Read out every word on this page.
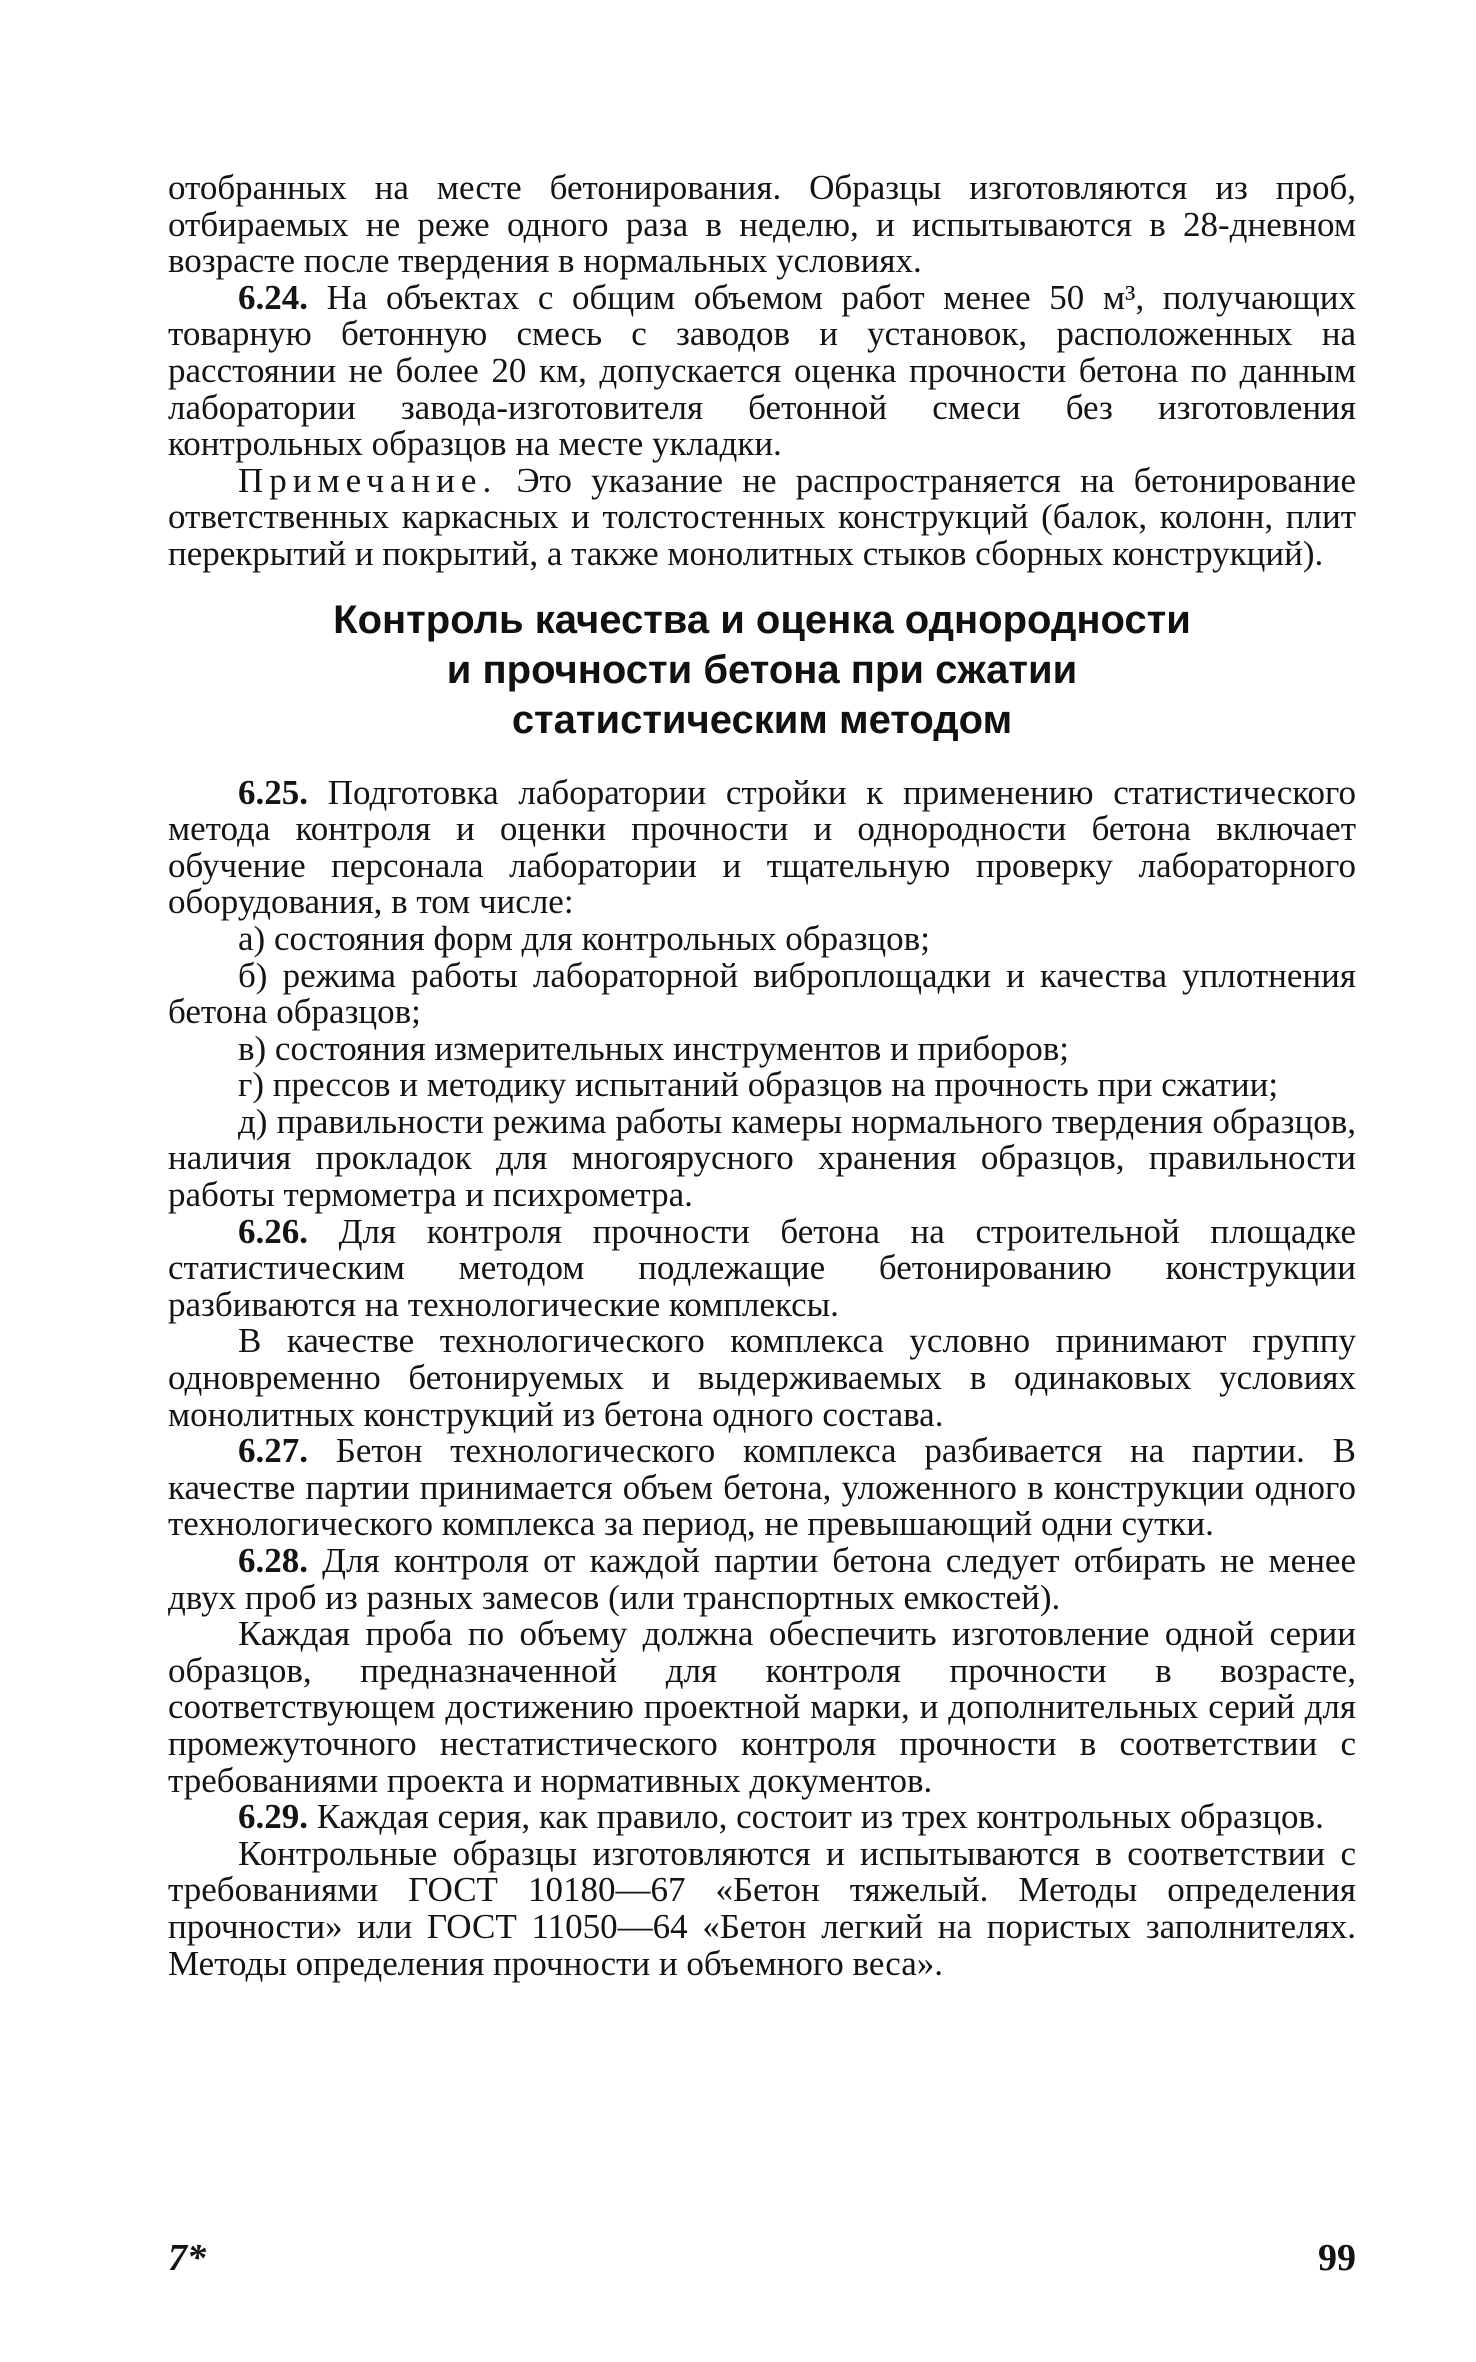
отобранных на месте бетонирования. Образцы изготовляются из проб, отбираемых не реже одного раза в неделю, и испытываются в 28-дневном возрасте после твердения в нормальных условиях.

6.24. На объектах с общим объемом работ менее 50 м³, получающих товарную бетонную смесь с заводов и установок, расположенных на расстоянии не более 20 км, допускается оценка прочности бетона по данным лаборатории завода-изготовителя бетонной смеси без изготовления контрольных образцов на месте укладки.

Примечание. Это указание не распространяется на бетонирование ответственных каркасных и толстостенных конструкций (балок, колонн, плит перекрытий и покрытий, а также монолитных стыков сборных конструкций).

Контроль качества и оценка однородности
и прочности бетона при сжатии
статистическим методом

6.25. Подготовка лаборатории стройки к применению статистического метода контроля и оценки прочности и однородности бетона включает обучение персонала лаборатории и тщательную проверку лабораторного оборудования, в том числе:

а) состояния форм для контрольных образцов;

б) режима работы лабораторной виброплощадки и качества уплотнения бетона образцов;

в) состояния измерительных инструментов и приборов;

г) прессов и методику испытаний образцов на прочность при сжатии;

д) правильности режима работы камеры нормального твердения образцов, наличия прокладок для многоярусного хранения образцов, правильности работы термометра и психрометра.

6.26. Для контроля прочности бетона на строительной площадке статистическим методом подлежащие бетонированию конструкции разбиваются на технологические комплексы.

В качестве технологического комплекса условно принимают группу одновременно бетонируемых и выдерживаемых в одинаковых условиях монолитных конструкций из бетона одного состава.

6.27. Бетон технологического комплекса разбивается на партии. В качестве партии принимается объем бетона, уложенного в конструкции одного технологического комплекса за период, не превышающий одни сутки.

6.28. Для контроля от каждой партии бетона следует отбирать не менее двух проб из разных замесов (или транспортных емкостей).

Каждая проба по объему должна обеспечить изготовление одной серии образцов, предназначенной для контроля прочности в возрасте, соответствующем достижению проектной марки, и дополнительных серий для промежуточного нестатистического контроля прочности в соответствии с требованиями проекта и нормативных документов.

6.29. Каждая серия, как правило, состоит из трех контрольных образцов.

Контрольные образцы изготовляются и испытываются в соответствии с требованиями ГОСТ 10180—67 «Бетон тяжелый. Методы определения прочности» или ГОСТ 11050—64 «Бетон легкий на пористых заполнителях. Методы определения прочности и объемного веса».

7*	99
